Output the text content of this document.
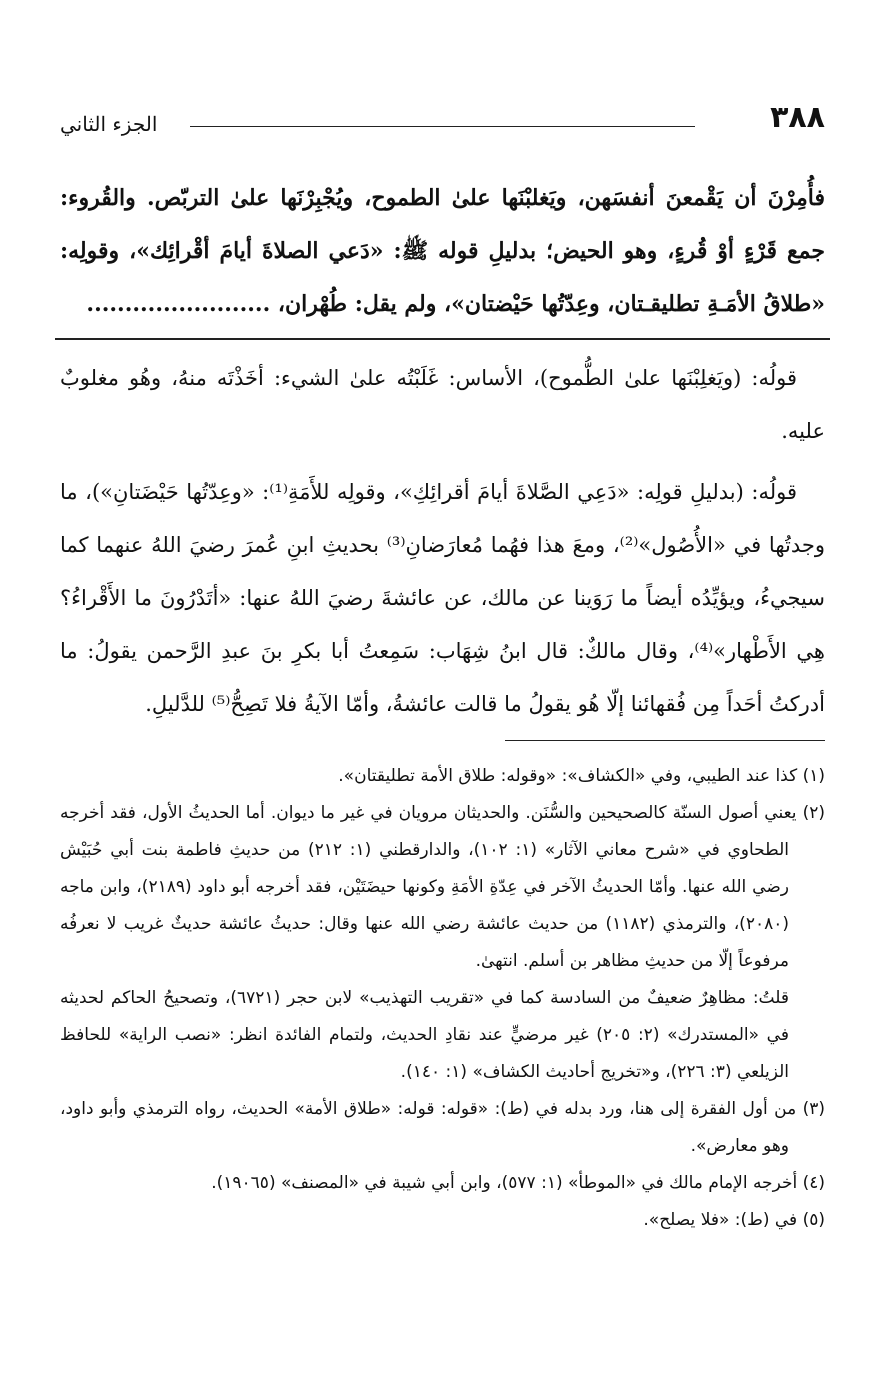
٣٨٨
الجزء الثاني

فأُمِرْنَ أن يَقْمعنَ أنفسَهن، ويَغلبْنَها علىٰ الطموح، ويُجْبِرْنَها علىٰ التربّص. والقُروء: جمع قَرْءٍ أوْ قُرءٍ، وهو الحيض؛ بدليلِ قوله ﷺ: «دَعي الصلاةَ أيامَ أقْرائِك»، وقولِه: «طلاقُ الأمَـةِ تطليقـتان، وعِدّتُها حَيْضتان»، ولم يقل: طُهْران، ........................

قولُه: (ويَغلِبْنَها علىٰ الطُّموح)، الأساس: غَلَبْتُه علىٰ الشيء: أخَذْتَه منهُ، وهُو مغلوبٌ عليه.

قولُه: (بدليلِ قولِه: «دَعِي الصَّلاةَ أيامَ أقرائِكِ»، وقولِه للأَمَةِ⁽¹⁾: «وعِدّتُها حَيْضَتانِ»)، ما وجدتُها في «الأُصُول»⁽²⁾، ومعَ هذا فهُما مُعارَضانِ⁽³⁾ بحديثِ ابنِ عُمرَ رضيَ اللهُ عنهما كما سيجيءُ، ويؤيِّدُه أيضاً ما رَوَينا عن مالك، عن عائشةَ رضيَ اللهُ عنها: «أتَدْرُونَ ما الأَقْراءُ؟ هِي الأَطْهار»⁽⁴⁾، وقال مالكٌ: قال ابنُ شِهَاب: سَمِعتُ أبا بكرِ بنَ عبدِ الرَّحمن يقولُ: ما أدركتُ أحَداً مِن فُقهائنا إلّا هُو يقولُ ما قالت عائشةُ، وأمّا الآيةُ فلا تَصِحُّ⁽⁵⁾ للدَّليلِ.

(١) كذا عند الطيبي، وفي «الكشاف»: «وقوله: طلاق الأمة تطليقتان».

(٢) يعني أصول السنّة كالصحيحين والسُّنَن. والحديثان مرويان في غير ما ديوان. أما الحديثُ الأول، فقد أخرجه الطحاوي في «شرح معاني الآثار» (١: ١٠٢)، والدارقطني (١: ٢١٢) من حديثِ فاطمة بنت أبي حُبَيْش رضي الله عنها. وأمّا الحديثُ الآخر في عِدّةِ الأمَةِ وكونها حيضَتَيْن، فقد أخرجه أبو داود (٢١٨٩)، وابن ماجه (٢٠٨٠)، والترمذي (١١٨٢) من حديث عائشة رضي الله عنها وقال: حديثُ عائشة حديثٌ غريب لا نعرفُه مرفوعاً إلّا من حديثِ مظاهر بن أسلم. انتهىٰ.

قلتُ: مظاهِرٌ ضعيفٌ من السادسة كما في «تقريب التهذيب» لابن حجر (٦٧٢١)، وتصحيحُ الحاكم لحديثه في «المستدرك» (٢: ٢٠٥) غير مرضيٍّ عند نقادِ الحديث، ولتمام الفائدة انظر: «نصب الراية» للحافظ الزيلعي (٣: ٢٢٦)، و«تخريج أحاديث الكشاف» (١: ١٤٠).

(٣) من أول الفقرة إلى هنا، ورد بدله في (ط): «قوله: قوله: «طلاق الأمة» الحديث، رواه الترمذي وأبو داود، وهو معارض».

(٤) أخرجه الإمام مالك في «الموطأ» (١: ٥٧٧)، وابن أبي شيبة في «المصنف» (١٩٠٦٥).

(٥) في (ط): «فلا يصلح».
